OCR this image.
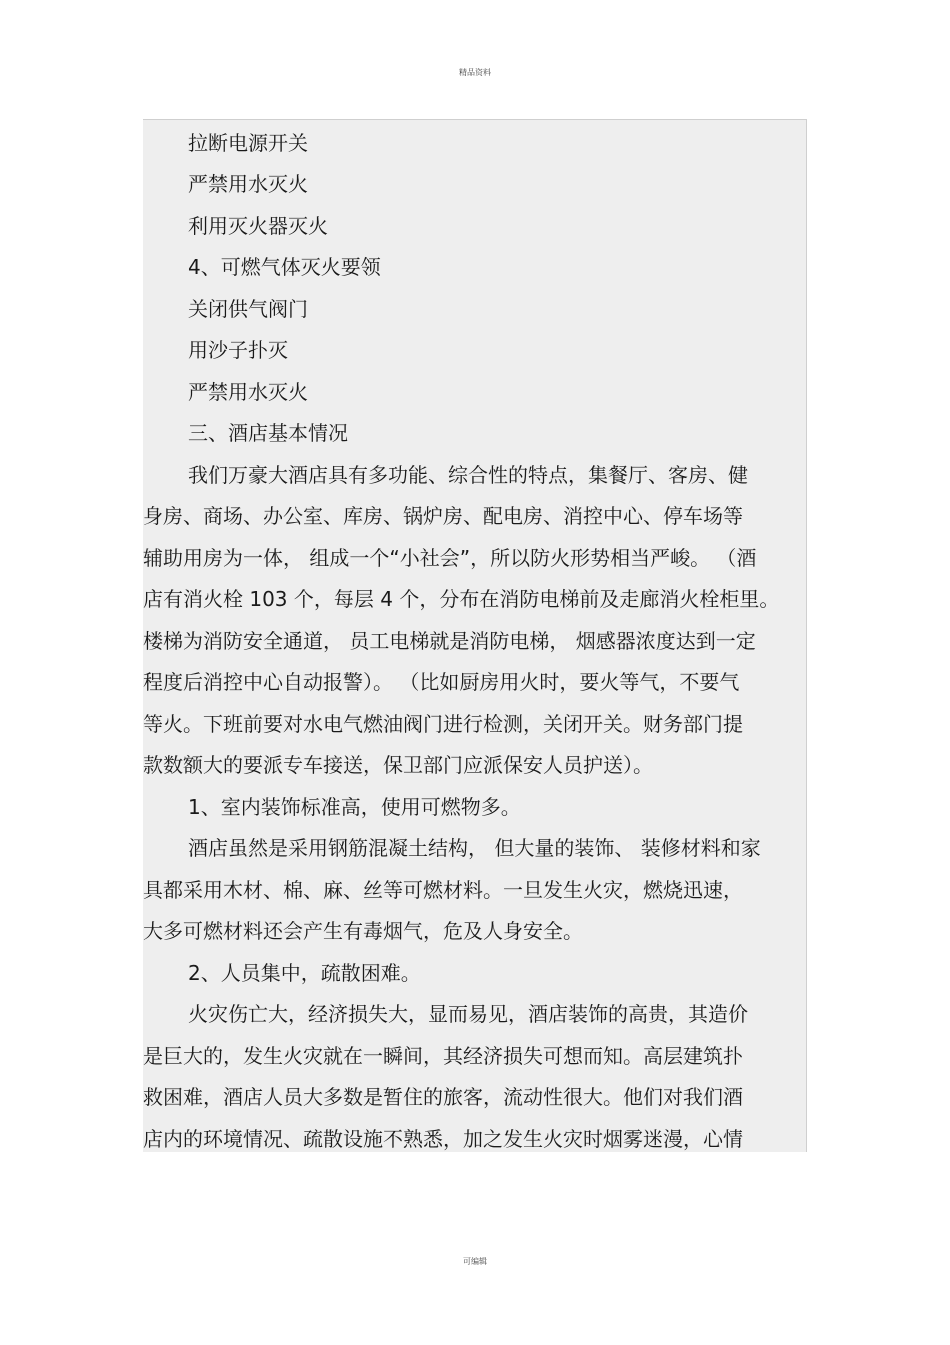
精品资料
拉断电源开关
严禁用水灭火
利用灭火器灭火
4、可燃气体灭火要领
关闭供气阀门
用沙子扑灭
严禁用水灭火
三、酒店基本情况
我们万豪大酒店具有多功能、综合性的特点，集餐厅、客房、健
身房、商场、办公室、库房、锅炉房、配电房、消控中心、停车场等
辅助用房为一体， 组成一个“小社会”，所以防火形势相当严峻。 （酒
店有消火栓 103 个，每层 4 个，分布在消防电梯前及走廊消火栓柜里。
楼梯为消防安全通道， 员工电梯就是消防电梯， 烟感器浓度达到一定
程度后消控中心自动报警）。 （比如厨房用火时，要火等气，不要气
等火。下班前要对水电气燃油阀门进行检测，关闭开关。财务部门提
款数额大的要派专车接送，保卫部门应派保安人员护送）。
1、室内装饰标准高，使用可燃物多。
酒店虽然是采用钢筋混凝土结构， 但大量的装饰、 装修材料和家
具都采用木材、棉、麻、丝等可燃材料。一旦发生火灾，燃烧迅速，
大多可燃材料还会产生有毒烟气，危及人身安全。
2、人员集中，疏散困难。
火灾伤亡大，经济损失大，显而易见，酒店装饰的高贵，其造价
是巨大的，发生火灾就在一瞬间，其经济损失可想而知。高层建筑扑
救困难，酒店人员大多数是暂住的旅客，流动性很大。他们对我们酒
店内的环境情况、疏散设施不熟悉，加之发生火灾时烟雾迷漫，心情
可编辑
